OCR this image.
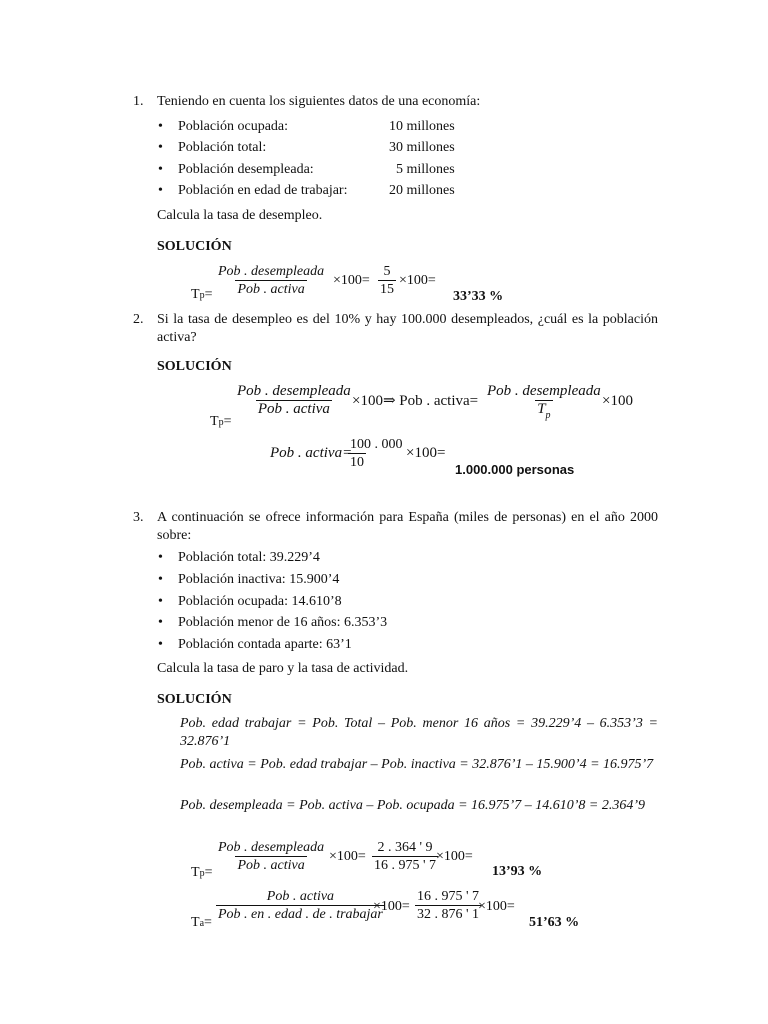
1. Teniendo en cuenta los siguientes datos de una economía:
• Población ocupada:	10 millones
• Población total:	30 millones
• Población desempleada:	5 millones
• Población en edad de trabajar:	20 millones
Calcula la tasa de desempleo.
SOLUCIÓN
Tp=
Pob . desempleada
Pob . activa
$\times 100= \frac{5}{15} \times 100=$
33’33 %
2. Si la tasa de desempleo es del 10% y hay 100.000 desempleados, ¿cuál es la población activa?
SOLUCIÓN
Tp=
Pob . desempleada
Pob . activa ×100⇒ Pob . activa=
Pob . desempleada
$T_p$
×100
Pob . activa=
$\frac{100 . 000}{10} \times 100=$
1.000.000 personas
3. A continuación se ofrece información para España (miles de personas) en el año 2000 sobre:
• Población total: 39.229’4
• Población inactiva: 15.900’4
• Población ocupada: 14.610’8
• Población menor de 16 años: 6.353’3
• Población contada aparte: 63’1
Calcula la tasa de paro y la tasa de actividad.
SOLUCIÓN
Pob. edad trabajar = Pob. Total – Pob. menor 16 años = 39.229’4 – 6.353’3 = 32.876’1
Pob. activa = Pob. edad trabajar – Pob. inactiva = 32.876’1 – 15.900’4 = 16.975’7
Pob. desempleada = Pob. activa – Pob. ocupada = 16.975’7 – 14.610’8 = 2.364’9
Tp=
Pob . desempleada
Pob . activa
$\times 100= \frac{2 . 364 ' 9}{16 . 975 ' 7}$
×100=
13’93 %
Ta=
Pob . activa
Pob . en . edad . de . trabajar
$\times 100= \frac{16 . 975 ' 7}{32 . 876 ' 1}$
×100=
51’63 %
